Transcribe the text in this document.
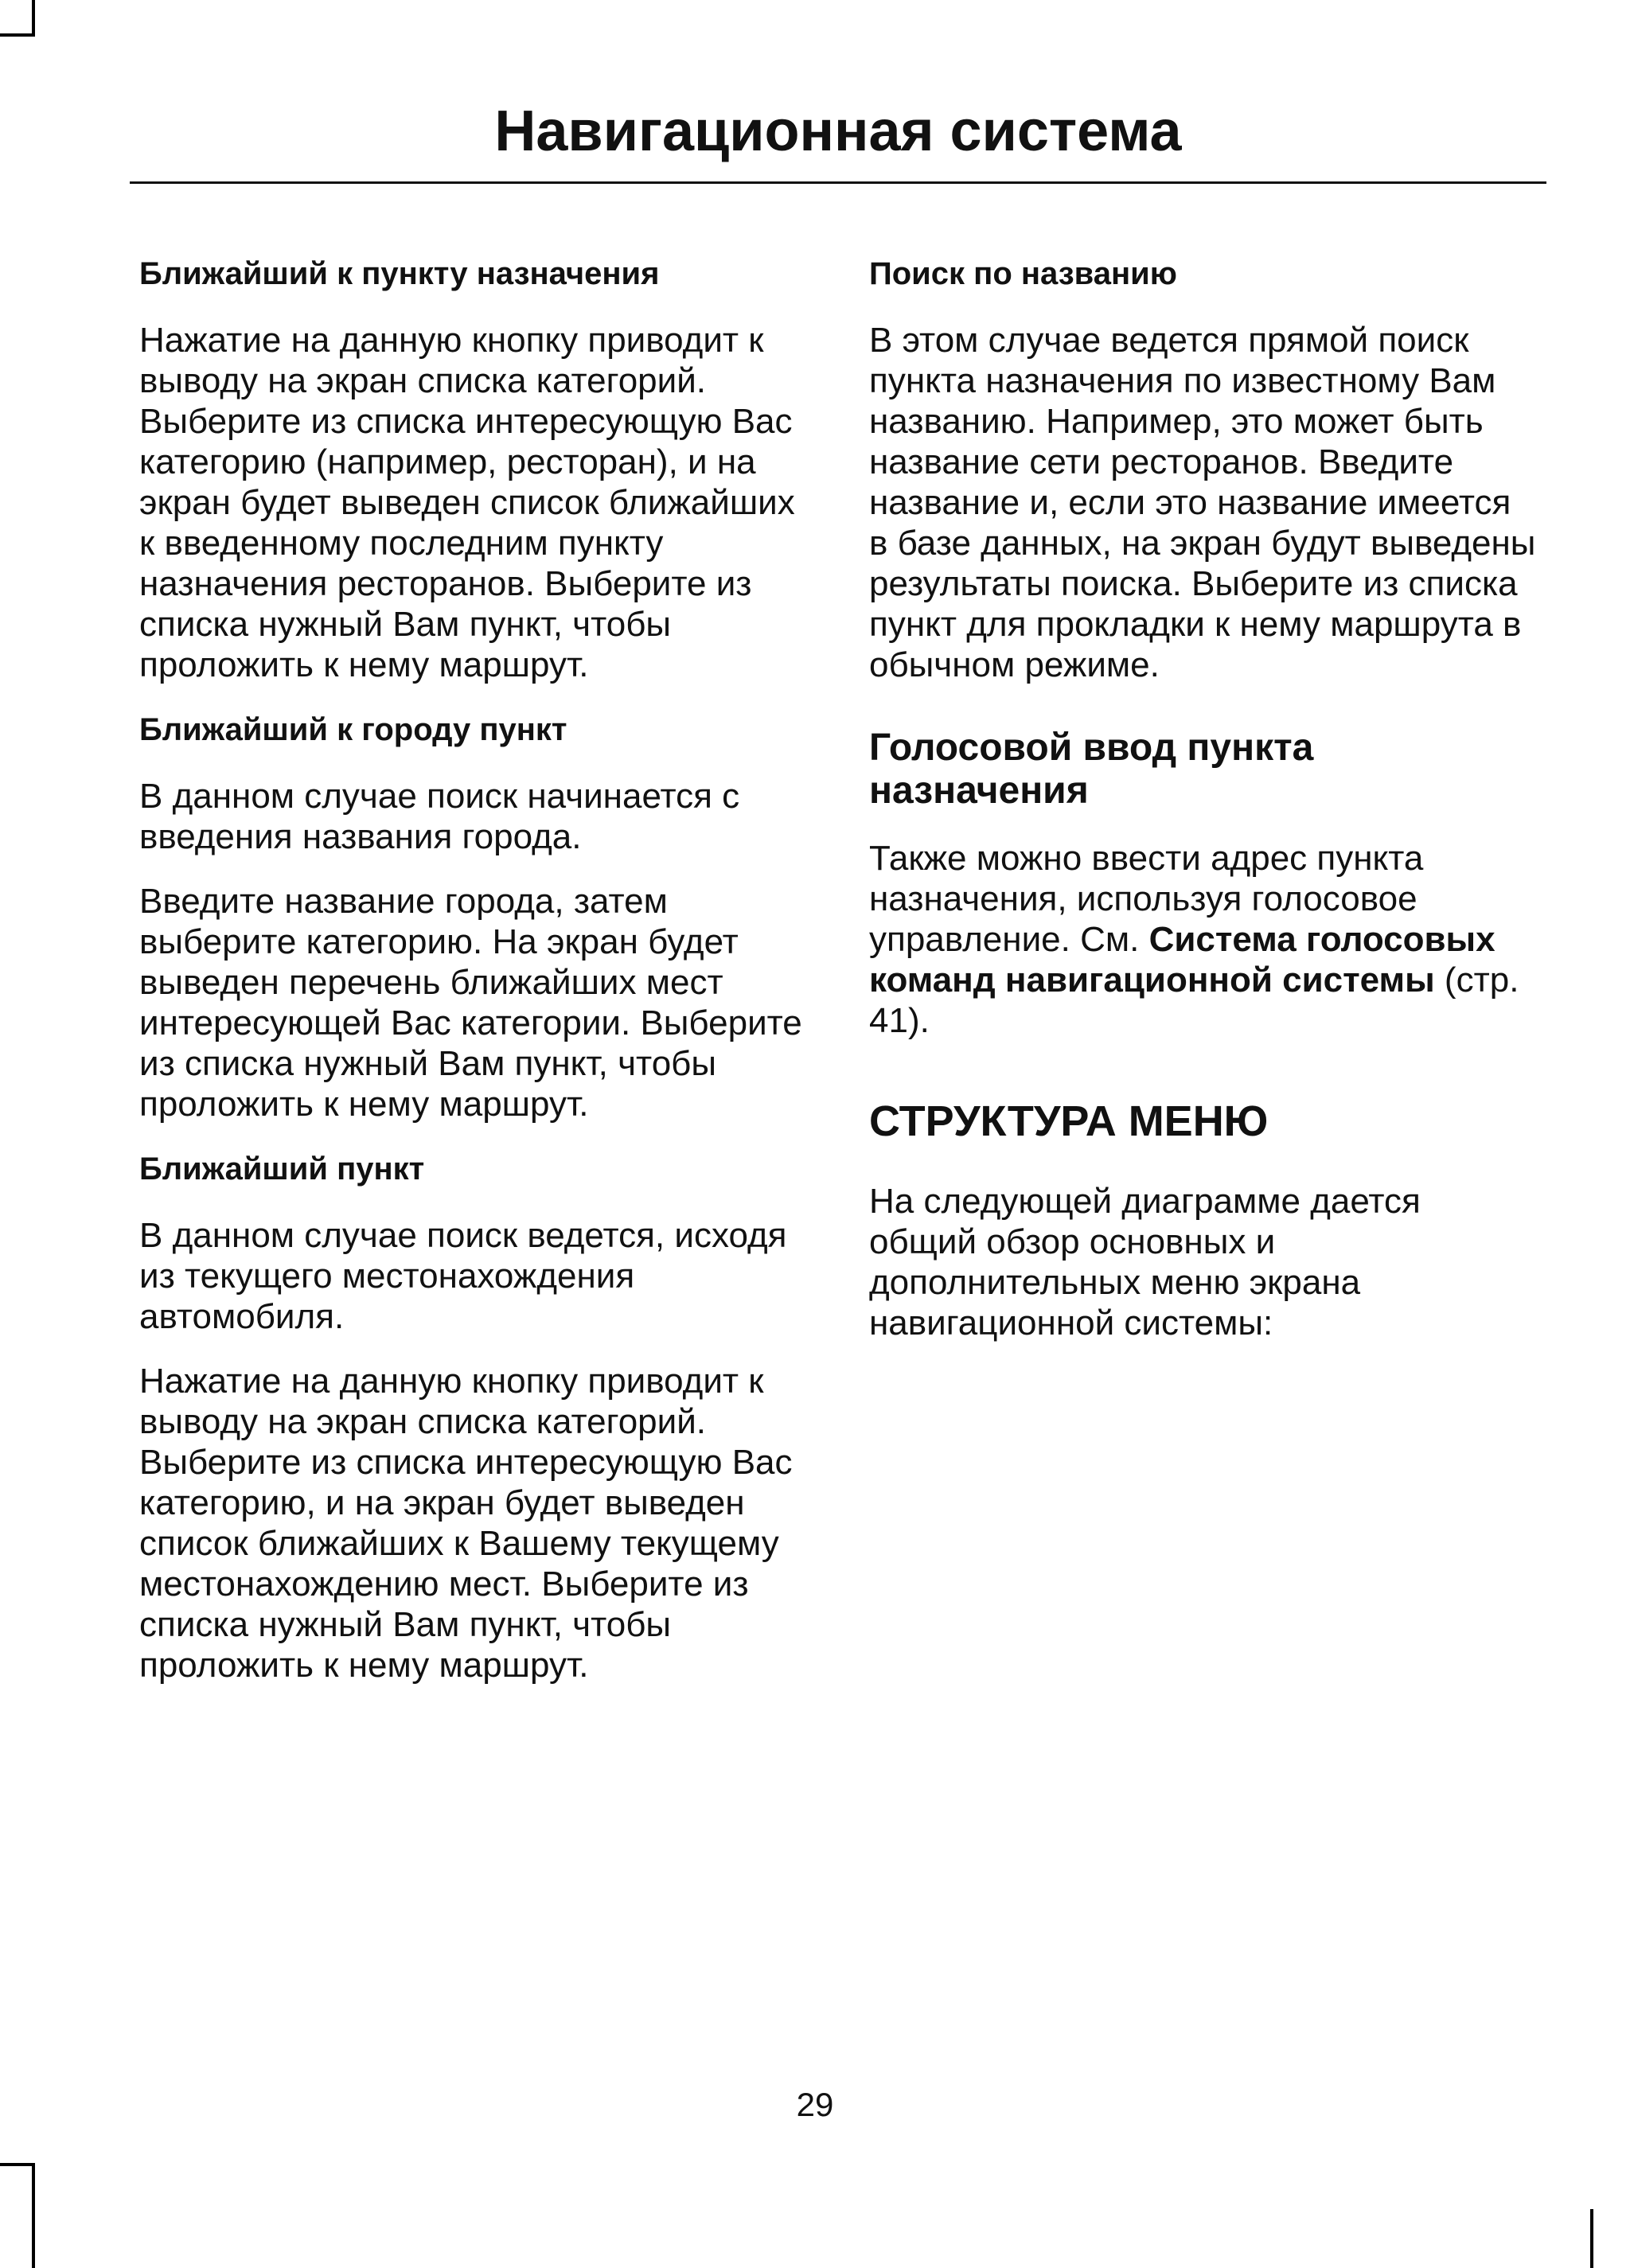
Навигационная система

Ближайший к пункту назначения

Нажатие на данную кнопку приводит к выводу на экран списка категорий. Выберите из списка интересующую Вас категорию (например, ресторан), и на экран будет выведен список ближайших к введенному последним пункту назначения ресторанов. Выберите из списка нужный Вам пункт, чтобы проложить к нему маршрут.

Ближайший к городу пункт

В данном случае поиск начинается с введения названия города.

Введите название города, затем выберите категорию. На экран будет выведен перечень ближайших мест интересующей Вас категории. Выберите из списка нужный Вам пункт, чтобы проложить к нему маршрут.

Ближайший пункт

В данном случае поиск ведется, исходя из текущего местонахождения автомобиля.

Нажатие на данную кнопку приводит к выводу на экран списка категорий. Выберите из списка интересующую Вас категорию, и на экран будет выведен список ближайших к Вашему текущему местонахождению мест. Выберите из списка нужный Вам пункт, чтобы проложить к нему маршрут.

Поиск по названию

В этом случае ведется прямой поиск пункта назначения по известному Вам названию. Например, это может быть название сети ресторанов. Введите название и, если это название имеется в базе данных, на экран будут выведены результаты поиска. Выберите из списка пункт для прокладки к нему маршрута в обычном режиме.

Голосовой ввод пункта назначения

Также можно ввести адрес пункта назначения, используя голосовое управление. См. Система голосовых команд навигационной системы (стр. 41).

СТРУКТУРА МЕНЮ

На следующей диаграмме дается общий обзор основных и дополнительных меню экрана навигационной системы:

29
